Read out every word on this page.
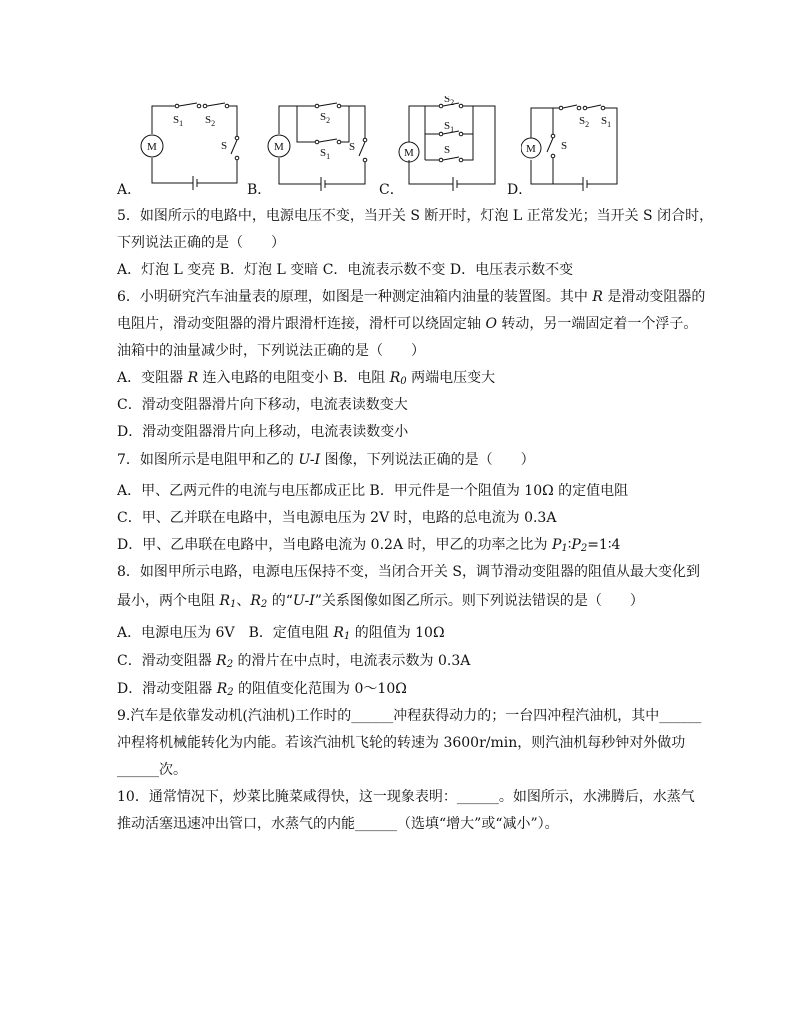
M
$S_1$ $S_2$
S
A．
M
$S_2$
$S_1$
S
B．
M
$S_2$
$S_1$
S
C．
M
$S_2$ $S_1$
S
D．
5．如图所示的电路中，电源电压不变，当开关 S 断开时，灯泡 L 正常发光；当开关 S 闭合时，
下列说法正确的是（　　）
A．灯泡 L 变亮 B．灯泡 L 变暗 C．电流表示数不变 D．电压表示数不变
6．小明研究汽车油量表的原理，如图是一种测定油箱内油量的装置图。其中 R 是滑动变阻器的
电阻片，滑动变阻器的滑片跟滑杆连接，滑杆可以绕固定轴 O 转动，另一端固定着一个浮子。
油箱中的油量减少时，下列说法正确的是（　　）
A．变阻器 R 连入电路的电阻变小 B．电阻 $R_0$ 两端电压变大
C．滑动变阻器滑片向下移动，电流表读数变大
D．滑动变阻器滑片向上移动，电流表读数变小
7．如图所示是电阻甲和乙的 U-I 图像，下列说法正确的是（　　）
A．甲、乙两元件的电流与电压都成正比 B．甲元件是一个阻值为 10Ω 的定值电阻
C．甲、乙并联在电路中，当电源电压为 2V 时，电路的总电流为 0.3A
D．甲、乙串联在电路中，当电路电流为 0.2A 时，甲乙的功率之比为 $P_1∶P_2=1∶4$
8．如图甲所示电路，电源电压保持不变，当闭合开关 S，调节滑动变阻器的阻值从最大变化到
最小，两个电阻 $R_1$、$R_2$ 的“U-I”关系图像如图乙所示。则下列说法错误的是（　　）
A．电源电压为 6V　B．定值电阻 $R_1$ 的阻值为 10Ω
C．滑动变阻器 $R_2$ 的滑片在中点时，电流表示数为 0.3A
D．滑动变阻器 $R_2$ 的阻值变化范围为 0～10Ω
9.汽车是依靠发动机(汽油机)工作时的______冲程获得动力的；一台四冲程汽油机，其中______
冲程将机械能转化为内能。若该汽油机飞轮的转速为 3600r/min，则汽油机每秒钟对外做功
______次。
10．通常情况下，炒菜比腌菜咸得快，这一现象表明：______。如图所示，水沸腾后，水蒸气
推动活塞迅速冲出管口，水蒸气的内能______（选填“增大”或“减小”）。
